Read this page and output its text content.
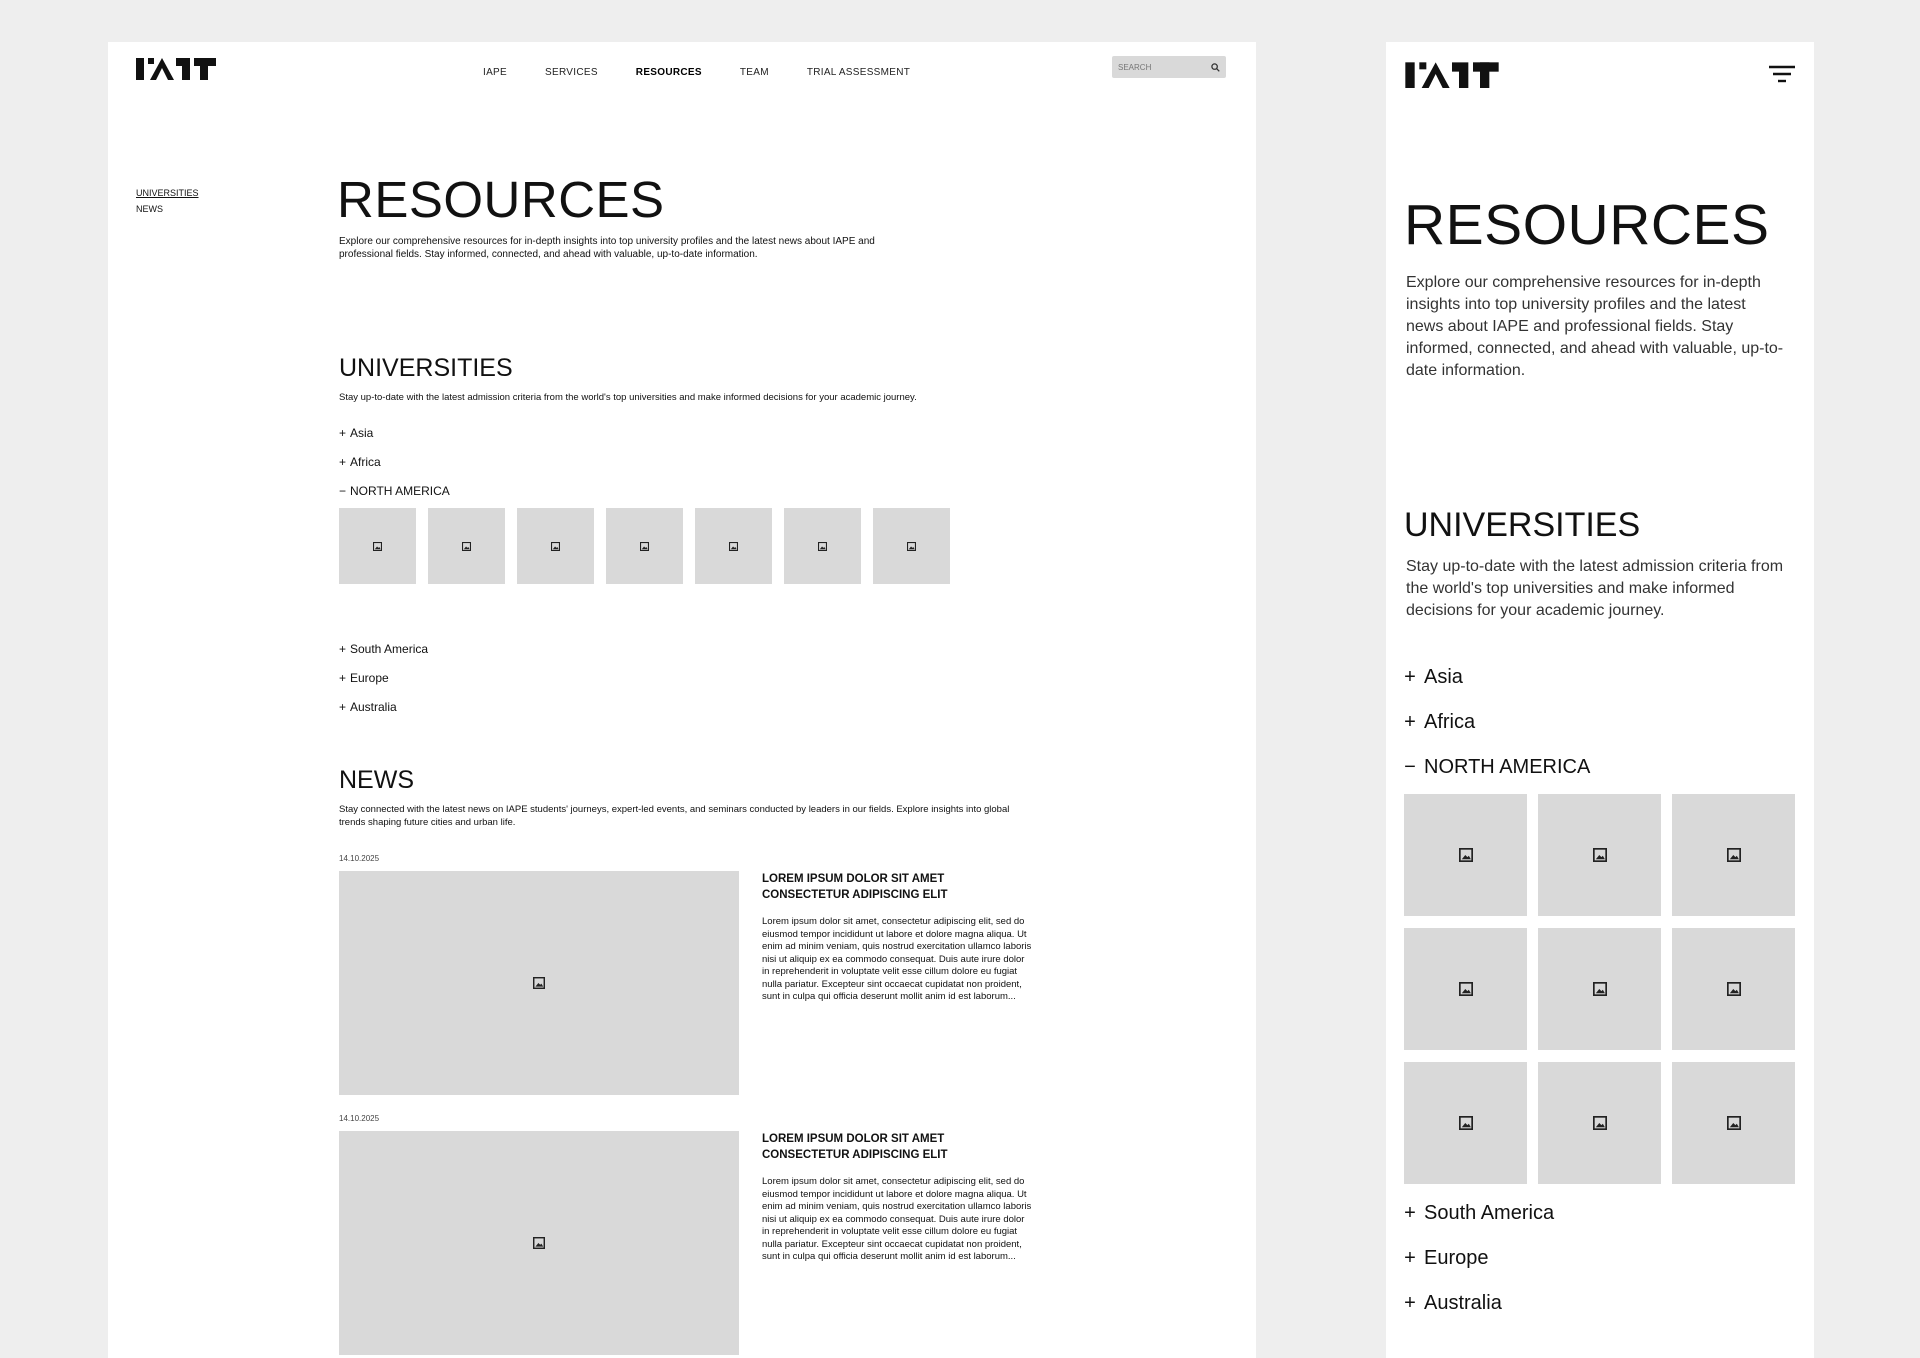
IAPE	SERVICES	RESOURCES	TEAM	TRIAL ASSESSMENT	SEARCH
UNIVERSITIES
NEWS	RESOURCES

Explore our comprehensive resources for in-depth insights into top university profiles and the latest news about IAPE and professional fields. Stay informed, connected, and ahead with valuable, up-to-date information.

UNIVERSITIES

Stay up-to-date with the latest admission criteria from the world's top universities and make informed decisions for your academic journey.

+ Asia
+ Africa
− NORTH AMERICA
+ South America
+ Europe
+ Australia
NEWS

Stay connected with the latest news on IAPE students' journeys, expert-led events, and seminars conducted by leaders in our fields. Explore insights into global trends shaping future cities and urban life.

14.10.2025
LOREM IPSUM DOLOR SIT AMET CONSECTETUR ADIPISCING ELIT

Lorem ipsum dolor sit amet, consectetur adipiscing elit, sed do eiusmod tempor incididunt ut labore et dolore magna aliqua. Ut enim ad minim veniam, quis nostrud exercitation ullamco laboris nisi ut aliquip ex ea commodo consequat. Duis aute irure dolor in reprehenderit in voluptate velit esse cillum dolore eu fugiat nulla pariatur. Excepteur sint occaecat cupidatat non proident, sunt in culpa qui officia deserunt mollit anim id est laborum...

14.10.2025
LOREM IPSUM DOLOR SIT AMET CONSECTETUR ADIPISCING ELIT

Lorem ipsum dolor sit amet, consectetur adipiscing elit, sed do eiusmod tempor incididunt ut labore et dolore magna aliqua. Ut enim ad minim veniam, quis nostrud exercitation ullamco laboris nisi ut aliquip ex ea commodo consequat. Duis aute irure dolor in reprehenderit in voluptate velit esse cillum dolore eu fugiat nulla pariatur. Excepteur sint occaecat cupidatat non proident, sunt in culpa qui officia deserunt mollit anim id est laborum...

RESOURCES

Explore our comprehensive resources for in-depth insights into top university profiles and the latest news about IAPE and professional fields. Stay informed, connected, and ahead with valuable, up-to-date information.

UNIVERSITIES

Stay up-to-date with the latest admission criteria from the world's top universities and make informed decisions for your academic journey.

+ Asia
+ Africa
− NORTH AMERICA
+ South America
+ Europe
+ Australia
